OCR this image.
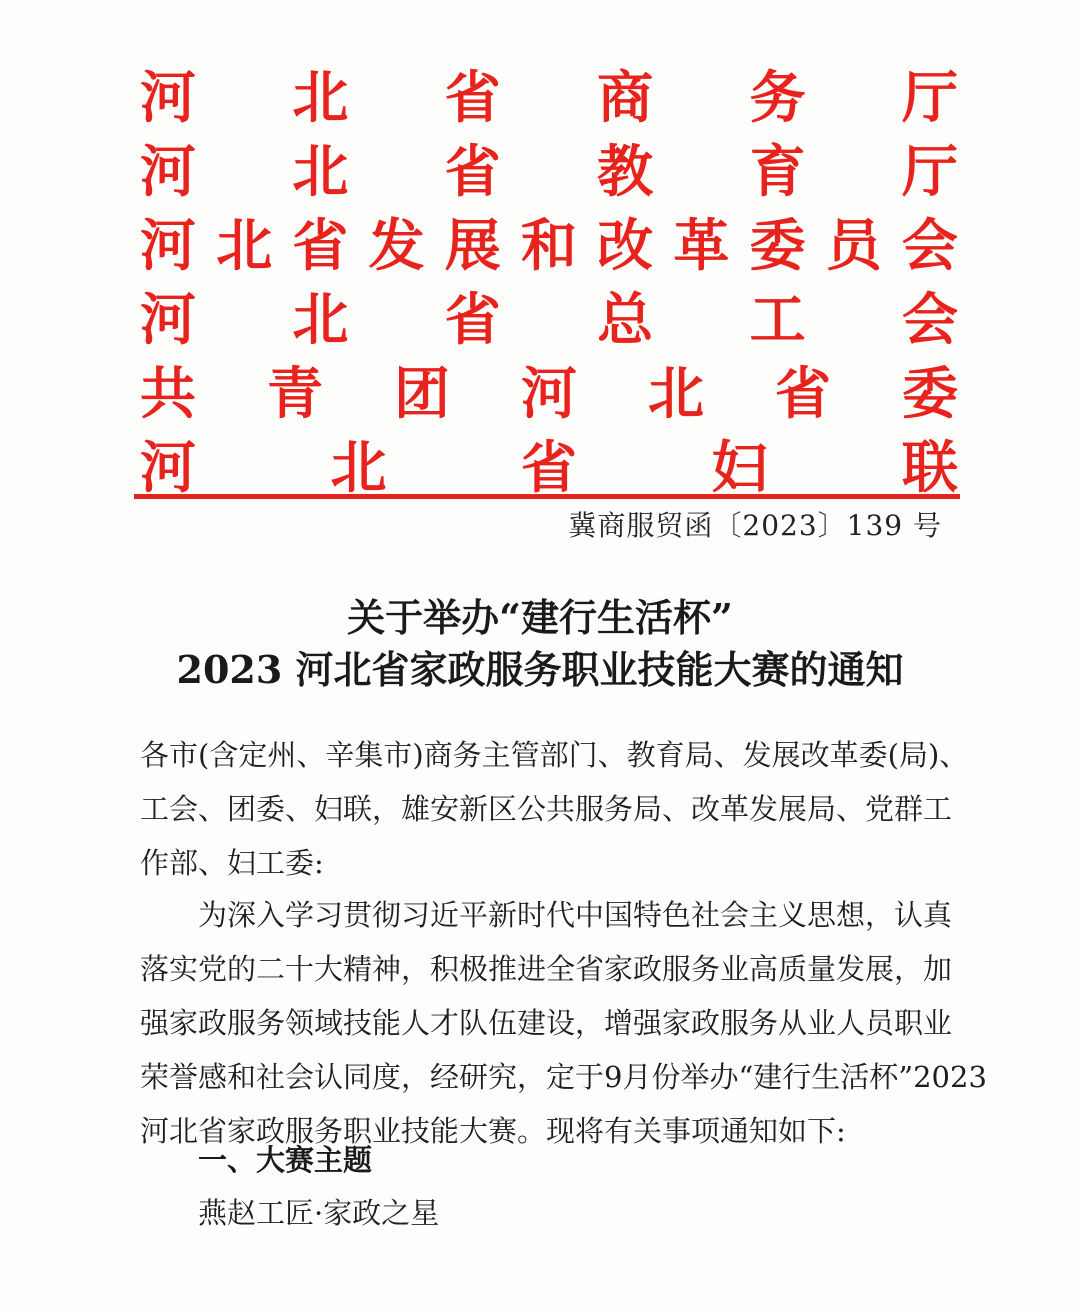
河 北 省 商 务 厅
河 北 省 教 育 厅
河 北 省 发 展 和 改 革 委 员 会
河 北 省 总 工 会
共 青 团 河 北 省 委
河 北 省 妇 联
冀商服贸函〔2023〕139 号
关于举办“建行生活杯”
2023 河北省家政服务职业技能大赛的通知
各市(含定州、辛集市)商务主管部门、教育局、发展改革委(局)、
工会、团委、妇联，雄安新区公共服务局、改革发展局、党群工
作部、妇工委:
为深入学习贯彻习近平新时代中国特色社会主义思想，认真
落实党的二十大精神，积极推进全省家政服务业高质量发展，加
强家政服务领域技能人才队伍建设，增强家政服务从业人员职业
荣誉感和社会认同度，经研究，定于9月份举办“建行生活杯”2023
河北省家政服务职业技能大赛。现将有关事项通知如下:
一、大赛主题
燕赵工匠·家政之星
